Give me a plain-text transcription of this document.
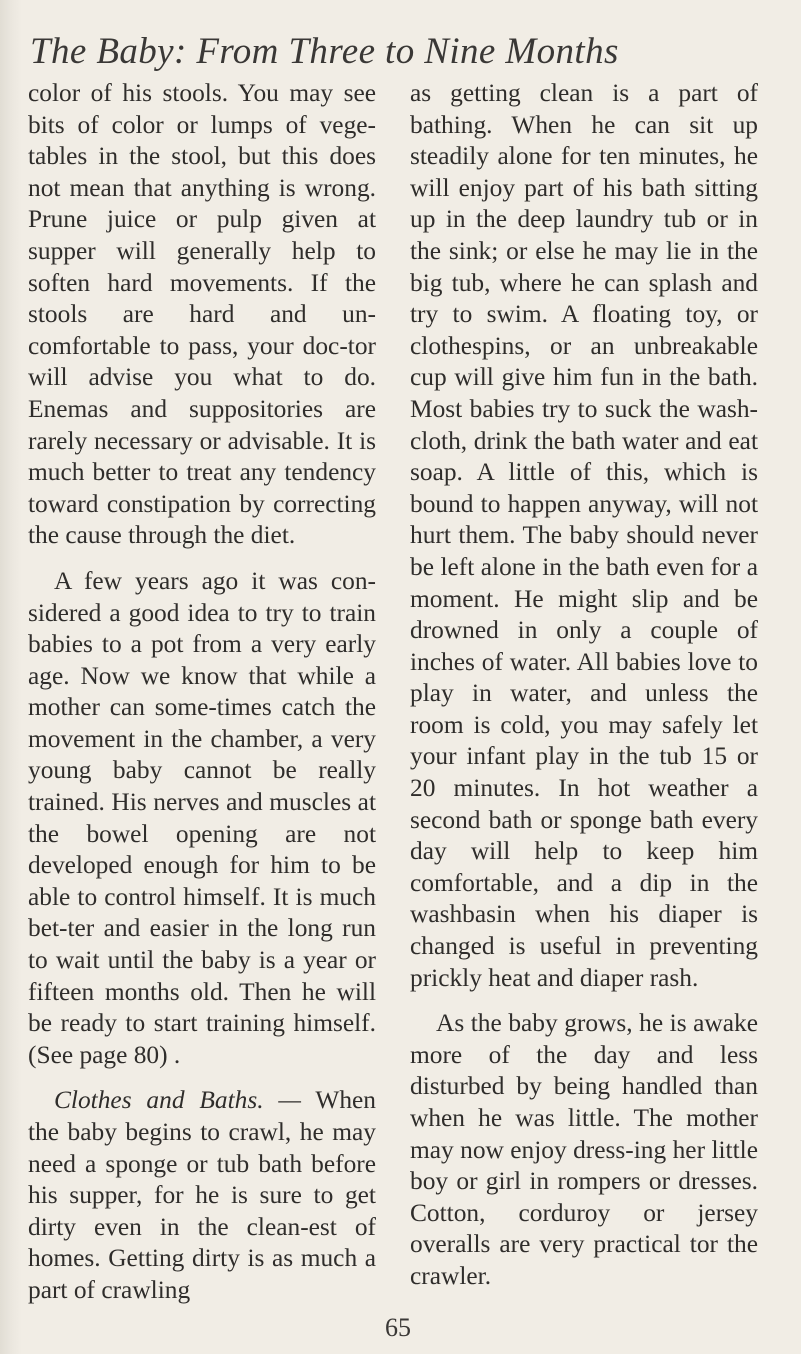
The Baby: From Three to Nine Months

color of his stools. You may see bits of color or lumps of vege-tables in the stool, but this does not mean that anything is wrong. Prune juice or pulp given at supper will generally help to soften hard movements. If the stools are hard and un-comfortable to pass, your doc-tor will advise you what to do. Enemas and suppositories are rarely necessary or advisable. It is much better to treat any tendency toward constipation by correcting the cause through the diet.

A few years ago it was con-sidered a good idea to try to train babies to a pot from a very early age. Now we know that while a mother can some-times catch the movement in the chamber, a very young baby cannot be really trained. His nerves and muscles at the bowel opening are not developed enough for him to be able to control himself. It is much bet-ter and easier in the long run to wait until the baby is a year or fifteen months old. Then he will be ready to start training himself. (See page 80) .

Clothes and Baths. — When the baby begins to crawl, he may need a sponge or tub bath before his supper, for he is sure to get dirty even in the clean-est of homes. Getting dirty is as much a part of crawling

as getting clean is a part of bathing. When he can sit up steadily alone for ten minutes, he will enjoy part of his bath sitting up in the deep laundry tub or in the sink; or else he may lie in the big tub, where he can splash and try to swim. A floating toy, or clothespins, or an unbreakable cup will give him fun in the bath. Most babies try to suck the wash-cloth, drink the bath water and eat soap. A little of this, which is bound to happen anyway, will not hurt them. The baby should never be left alone in the bath even for a moment. He might slip and be drowned in only a couple of inches of water. All babies love to play in water, and unless the room is cold, you may safely let your infant play in the tub 15 or 20 minutes. In hot weather a second bath or sponge bath every day will help to keep him comfortable, and a dip in the washbasin when his diaper is changed is useful in preventing prickly heat and diaper rash.

As the baby grows, he is awake more of the day and less disturbed by being handled than when he was little. The mother may now enjoy dress-ing her little boy or girl in rompers or dresses. Cotton, corduroy or jersey overalls are very practical tor the crawler.

65
